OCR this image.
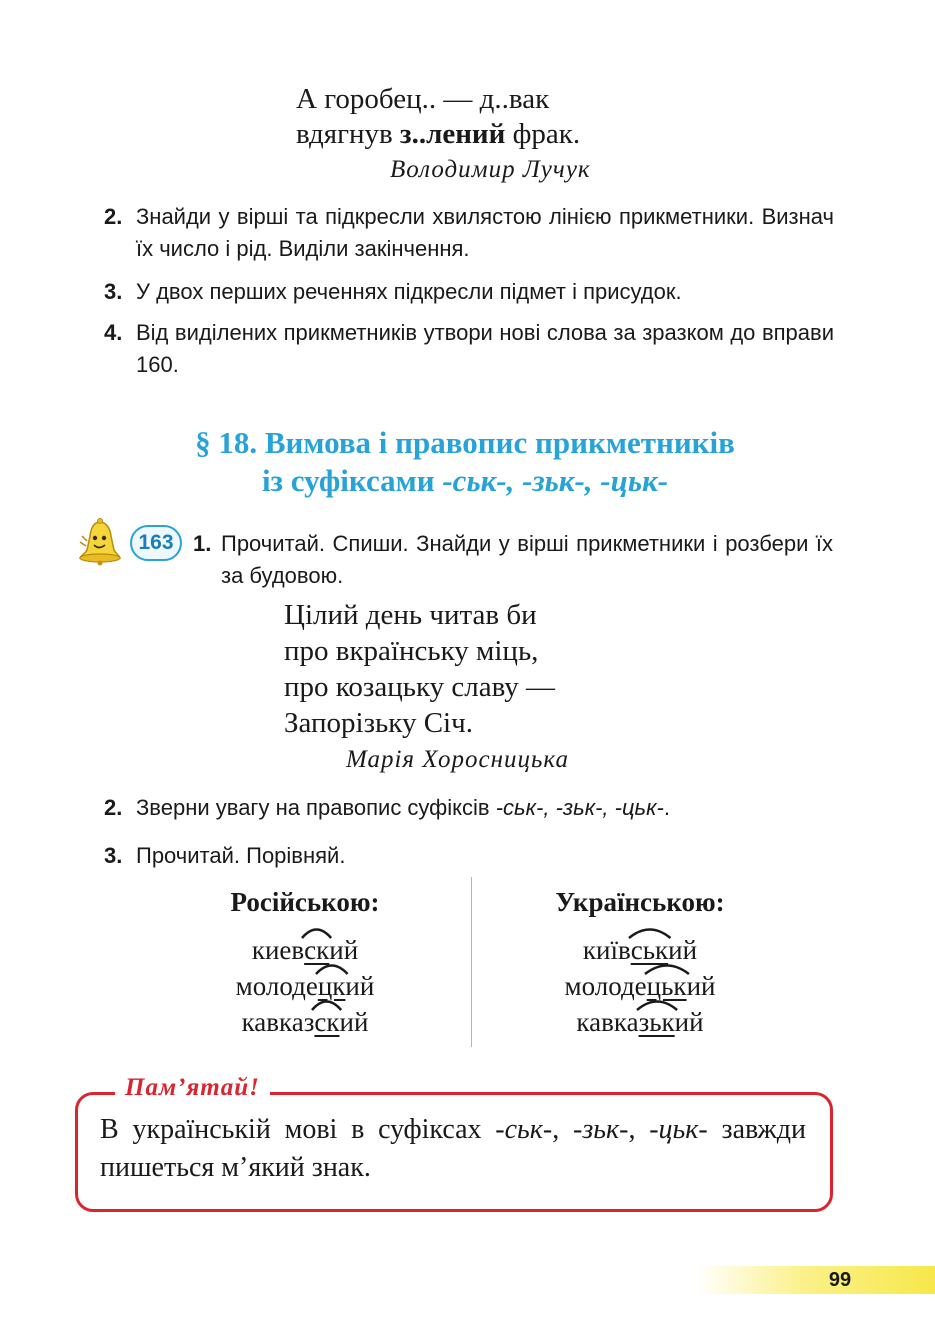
А горобец.. — д..вак
вдягнув з..лений фрак.
Володимир Лучук
2. Знайди у вірші та підкресли хвилястою лінією прикметники. Визнач їх число і рід. Виділи закінчення.
3. У двох перших реченнях підкресли підмет і присудок.
4. Від виділених прикметників утвори нові слова за зразком до вправи 160.
§ 18. Вимова і правопис прикметників
із суфіксами -ськ-, -зьк-, -цьк-
163 1. Прочитай. Спиши. Знайди у вірші прикметники і розбери їх за будовою.
Цілий день читав би
про вкраїнську міць,
про козацьку славу —
Запорізьку Січ.
Марія Хоросницька
2. Зверни увагу на правопис суфіксів -ськ-, -зьк-, -цьк-.
3. Прочитай. Порівняй.
Російською:
киев
ский
молоде
цкий
кавказ
ский
Українською:
київ
ський
молоде
цький
кавка
зький
Пам’ятай!
В українській мові в суфіксах -ськ-, -зьк-, -цьк- завжди пишеться м’який знак.
99
